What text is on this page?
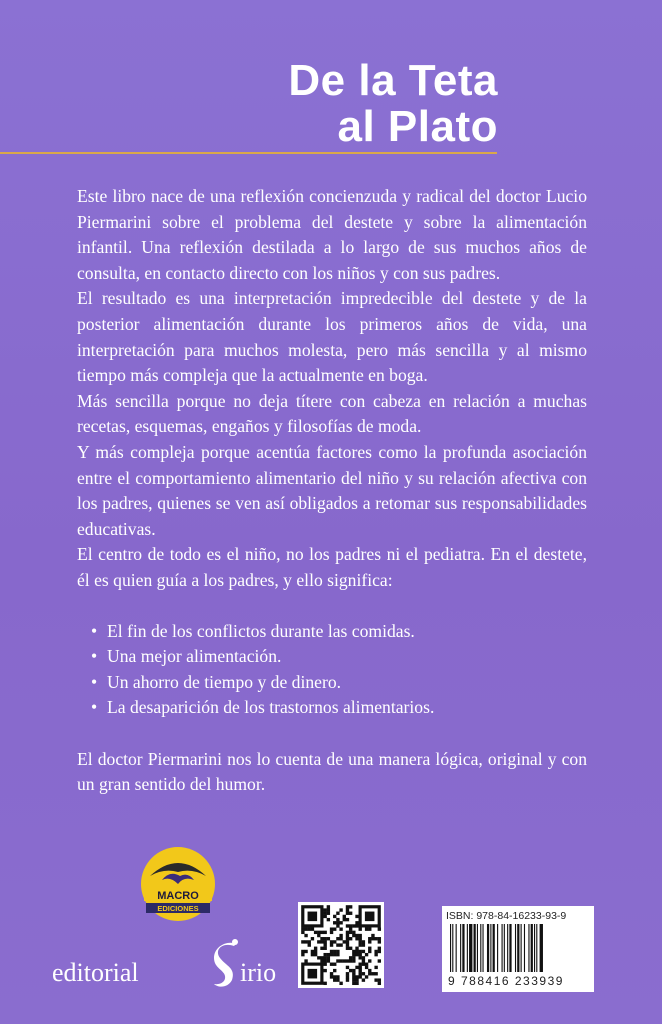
De la Teta
al Plato

Este libro nace de una reflexión concienzuda y radical del doctor Lucio Piermarini sobre el problema del destete y sobre la alimentación infantil. Una reflexión destilada a lo largo de sus muchos años de consulta, en contacto directo con los niños y con sus padres.

El resultado es una interpretación impredecible del destete y de la posterior alimentación durante los primeros años de vida, una interpretación para muchos molesta, pero más sencilla y al mismo tiempo más compleja que la actualmente en boga.

Más sencilla porque no deja títere con cabeza en relación a muchas recetas, esquemas, engaños y filosofías de moda.

Y más compleja porque acentúa factores como la profunda asociación entre el comportamiento alimentario del niño y su relación afectiva con los padres, quienes se ven así obligados a retomar sus responsabilidades educativas.

El centro de todo es el niño, no los padres ni el pediatra. En el destete, él es quien guía a los padres, y ello significa:

• El fin de los conflictos durante las comidas.
• Una mejor alimentación.
• Un ahorro de tiempo y de dinero.
• La desaparición de los trastornos alimentarios.

El doctor Piermarini nos lo cuenta de una manera lógica, original y con un gran sentido del humor.

MACRO
EDICIONES
editorial	irio
ISBN: 978-84-16233-93-9
9 788416 233939
